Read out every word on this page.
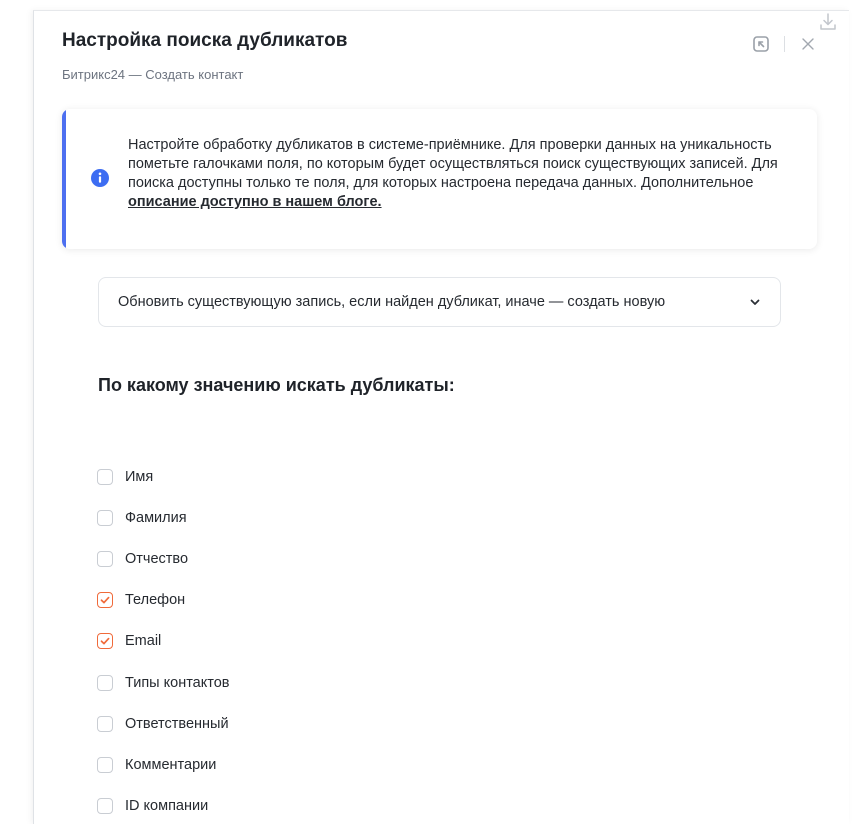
Настройка поиска дубликатов
Битрикс24 — Создать контакт
Настройте обработку дубликатов в системе-приёмнике. Для проверки данных на уникальность пометьте галочками поля, по которым будет осуществляться поиск существующих записей. Для поиска доступны только те поля, для которых настроена передача данных. Дополнительное описание доступно в нашем блоге.
Обновить существующую запись, если найден дубликат, иначе — создать новую
По какому значению искать дубликаты:
Имя
Фамилия
Отчество
Телефон
Email
Типы контактов
Ответственный
Комментарии
ID компании
